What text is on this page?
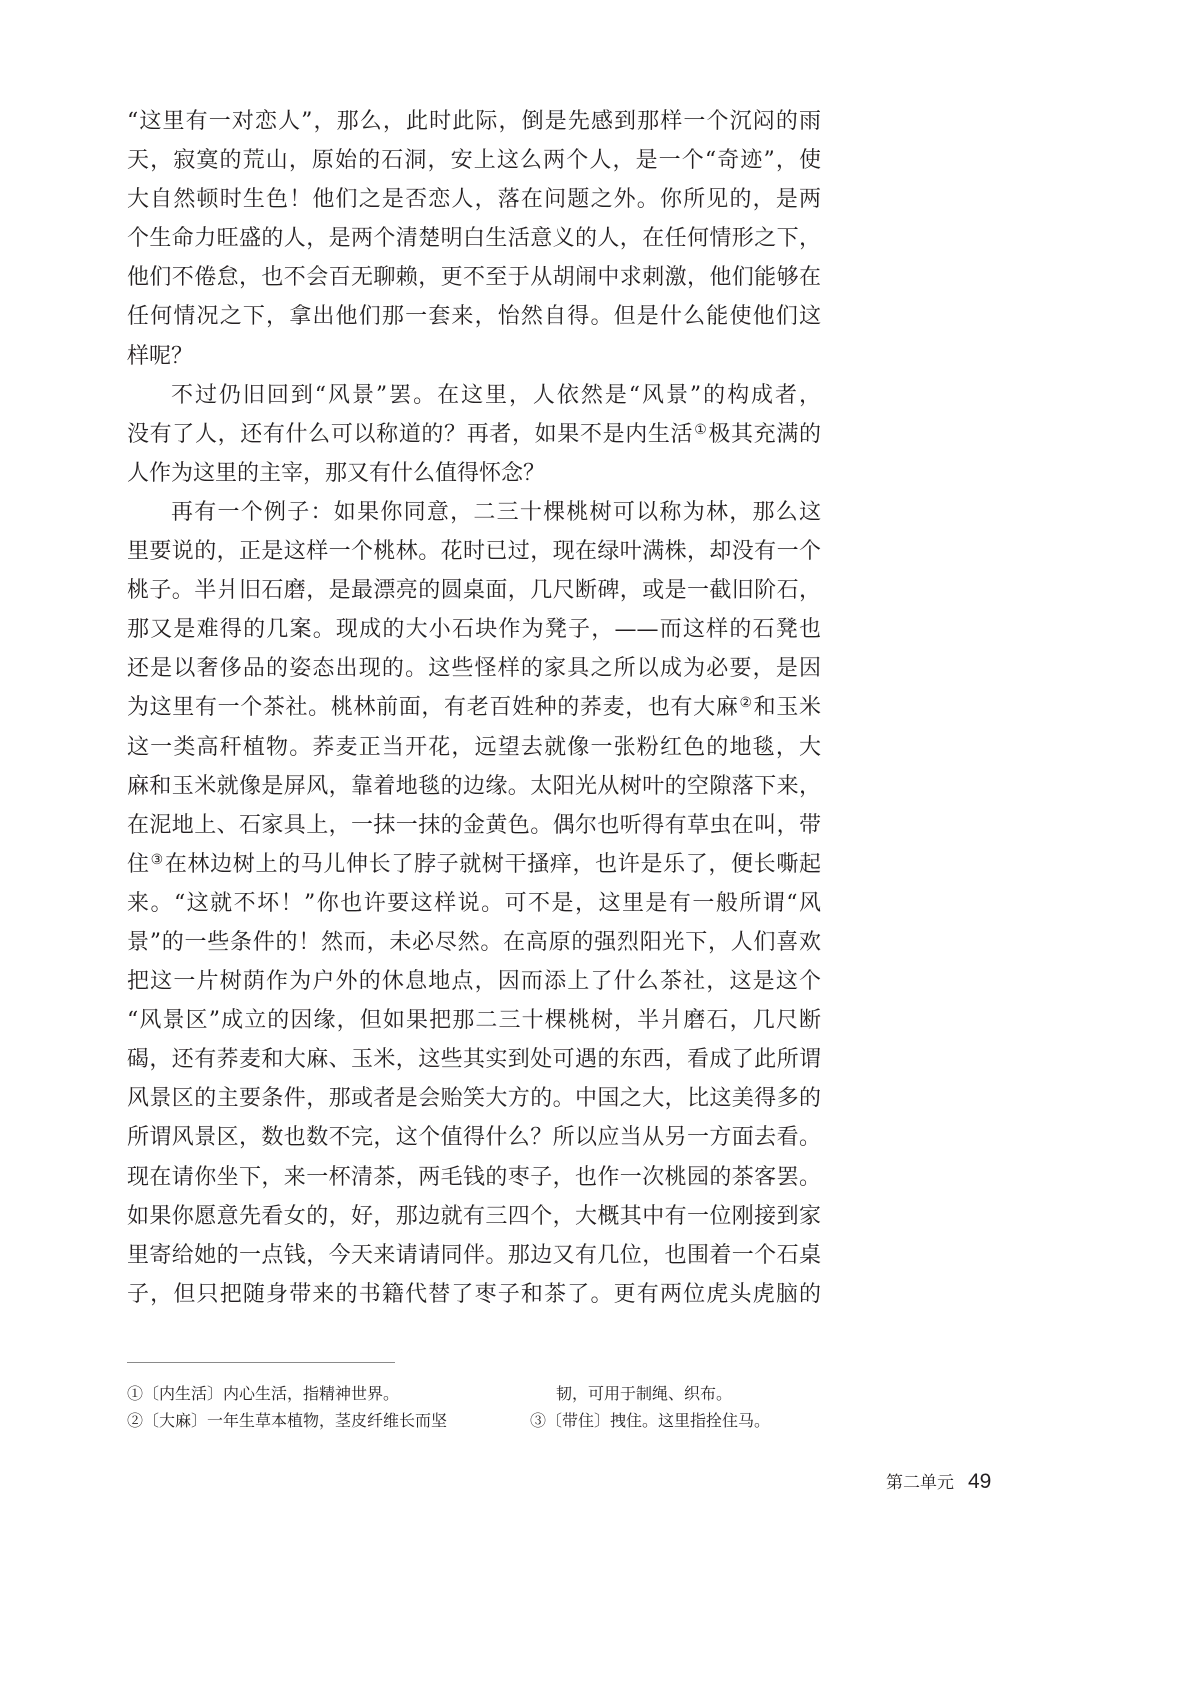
“这里有一对恋人”，那么，此时此际，倒是先感到那样一个沉闷的雨
天，寂寞的荒山，原始的石洞，安上这么两个人，是一个“奇迹”，使
大自然顿时生色！他们之是否恋人，落在问题之外。你所见的，是两
个生命力旺盛的人，是两个清楚明白生活意义的人，在任何情形之下，
他们不倦怠，也不会百无聊赖，更不至于从胡闹中求刺激，他们能够在
任何情况之下，拿出他们那一套来，怡然自得。但是什么能使他们这
样呢？
不过仍旧回到“风景”罢。在这里，人依然是“风景”的构成者，
没有了人，还有什么可以称道的？再者，如果不是内生活①极其充满的
人作为这里的主宰，那又有什么值得怀念？
再有一个例子：如果你同意，二三十棵桃树可以称为林，那么这
里要说的，正是这样一个桃林。花时已过，现在绿叶满株，却没有一个
桃子。半爿旧石磨，是最漂亮的圆桌面，几尺断碑，或是一截旧阶石，
那又是难得的几案。现成的大小石块作为凳子，——而这样的石凳也
还是以奢侈品的姿态出现的。这些怪样的家具之所以成为必要，是因
为这里有一个茶社。桃林前面，有老百姓种的荞麦，也有大麻②和玉米
这一类高秆植物。荞麦正当开花，远望去就像一张粉红色的地毯，大
麻和玉米就像是屏风，靠着地毯的边缘。太阳光从树叶的空隙落下来，
在泥地上、石家具上，一抹一抹的金黄色。偶尔也听得有草虫在叫，带
住③在林边树上的马儿伸长了脖子就树干搔痒，也许是乐了，便长嘶起
来。“这就不坏！”你也许要这样说。可不是，这里是有一般所谓“风
景”的一些条件的！然而，未必尽然。在高原的强烈阳光下，人们喜欢
把这一片树荫作为户外的休息地点，因而添上了什么茶社，这是这个
“风景区”成立的因缘，但如果把那二三十棵桃树，半爿磨石，几尺断
碣，还有荞麦和大麻、玉米，这些其实到处可遇的东西，看成了此所谓
风景区的主要条件，那或者是会贻笑大方的。中国之大，比这美得多的
所谓风景区，数也数不完，这个值得什么？所以应当从另一方面去看。
现在请你坐下，来一杯清茶，两毛钱的枣子，也作一次桃园的茶客罢。
如果你愿意先看女的，好，那边就有三四个，大概其中有一位刚接到家
里寄给她的一点钱，今天来请请同伴。那边又有几位，也围着一个石桌
子，但只把随身带来的书籍代替了枣子和茶了。更有两位虎头虎脑的
①〔内生活〕内心生活，指精神世界。
②〔大麻〕一年生草本植物，茎皮纤维长而坚
韧，可用于制绳、织布。
③〔带住〕拽住。这里指拴住马。
第二单元 49
